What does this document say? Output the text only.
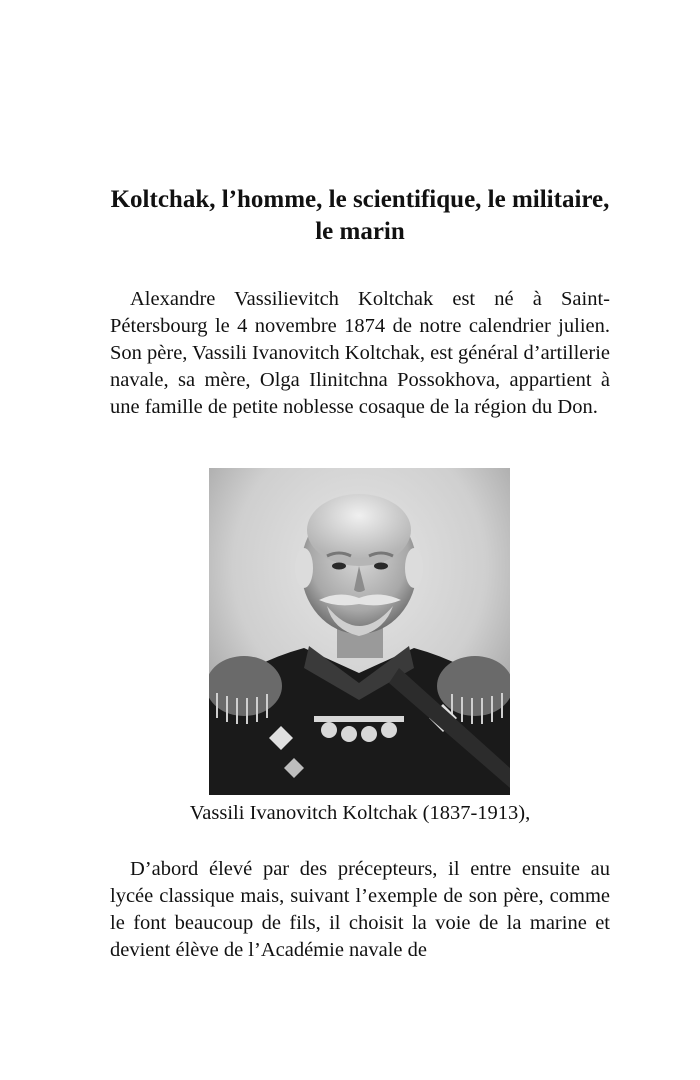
Koltchak, l’homme, le scientifique, le militaire, le marin

Alexandre Vassilievitch Koltchak est né à Saint-Pétersbourg le 4 novembre 1874 de notre calendrier julien. Son père, Vassili Ivanovitch Koltchak, est général d’artillerie navale, sa mère, Olga Ilinitchna Possokhova, appartient à une famille de petite noblesse cosaque de la région du Don.

Vassili Ivanovitch Koltchak (1837-1913),

D’abord élevé par des précepteurs, il entre ensuite au lycée classique mais, suivant l’exemple de son père, comme le font beaucoup de fils, il choisit la voie de la marine et devient élève de l’Académie navale de
